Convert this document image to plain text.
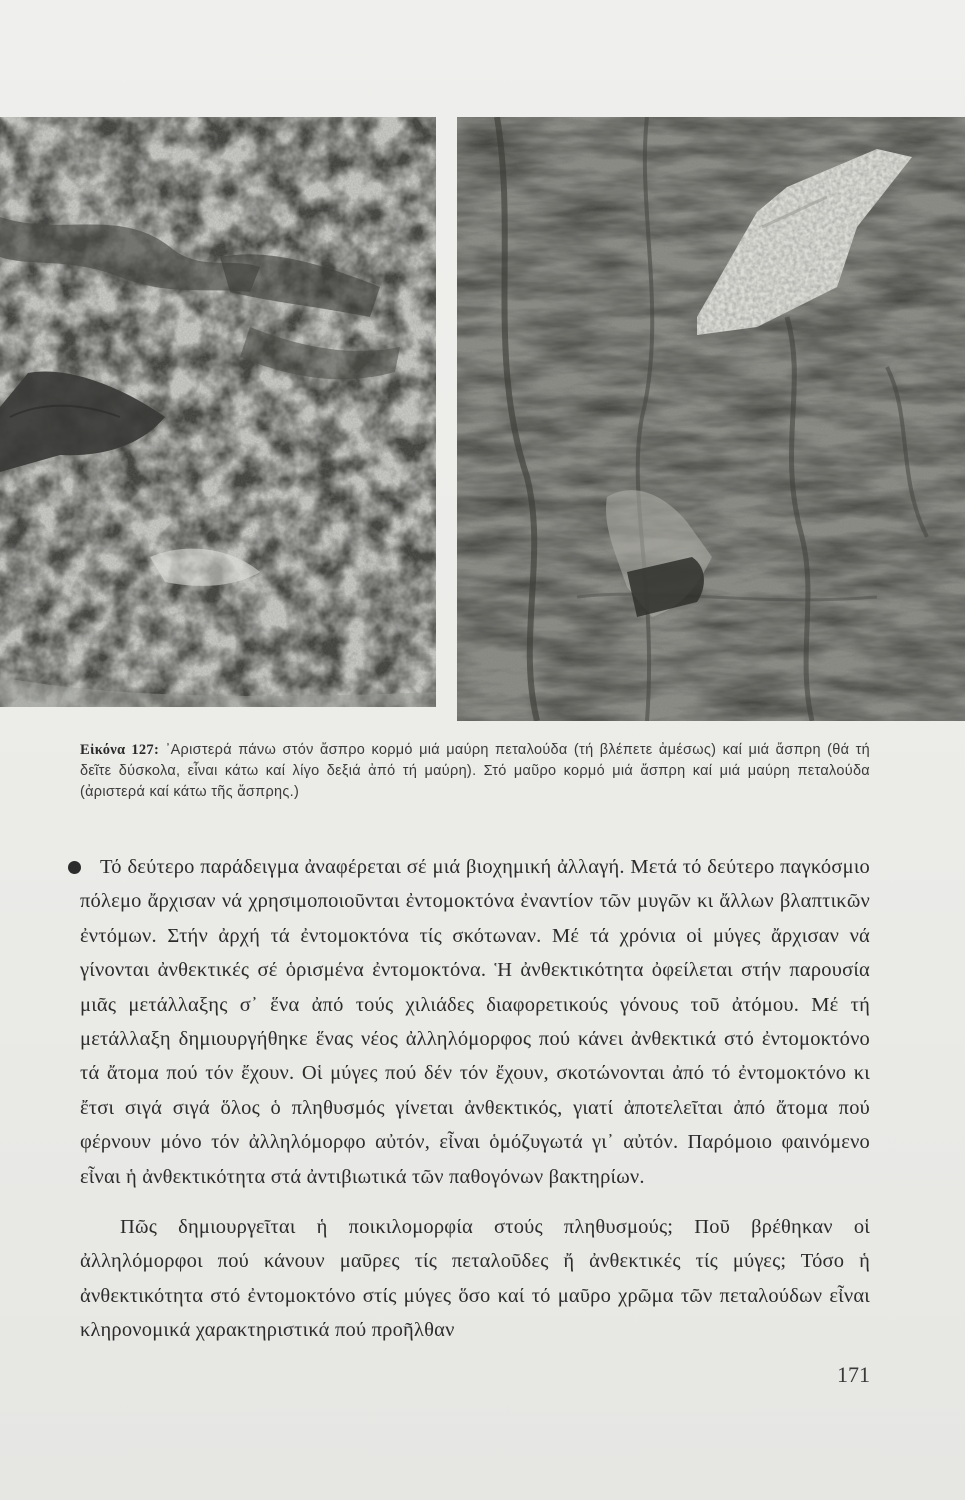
Εἰκόνα 127: ᾿Αριστερά πάνω στόν ἄσπρο κορμό μιά μαύρη πεταλούδα (τή βλέπετε ἀμέσως) καί μιά ἄσπρη (θά τή δεῖτε δύσκολα, εἶναι κάτω καί λίγο δεξιά ἀπό τή μαύρη). Στό μαῦρο κορμό μιά ἄσπρη καί μιά μαύρη πεταλούδα (ἀριστερά καί κάτω τῆς ἄσπρης.)

Τό δεύτερο παράδειγμα ἀναφέρεται σέ μιά βιοχημική ἀλλαγή. Μετά τό δεύτερο παγκόσμιο πόλεμο ἄρχισαν νά χρησιμοποιοῦνται ἐντομοκτόνα ἐναντίον τῶν μυγῶν κι ἄλλων βλαπτικῶν ἐντόμων. Στήν ἀρχή τά ἐντομοκτόνα τίς σκότωναν. Μέ τά χρόνια οἱ μύγες ἄρχισαν νά γίνονται ἀνθεκτικές σέ ὁρισμένα ἐντομοκτόνα. Ἡ ἀνθεκτικότητα ὀφείλεται στήν παρουσία μιᾶς μετάλλαξης σ᾿ ἕνα ἀπό τούς χιλιάδες διαφορετικούς γόνους τοῦ ἀτόμου. Μέ τή μετάλλαξη δημιουργήθηκε ἕνας νέος ἀλληλόμορφος πού κάνει ἀνθεκτικά στό ἐντομοκτόνο τά ἄτομα πού τόν ἔχουν. Οἱ μύγες πού δέν τόν ἔχουν, σκοτώνονται ἀπό τό ἐντομοκτόνο κι ἔτσι σιγά σιγά ὅλος ὁ πληθυσμός γίνεται ἀνθεκτικός, γιατί ἀποτελεῖται ἀπό ἄτομα πού φέρνουν μόνο τόν ἀλληλόμορφο αὐτόν, εἶναι ὁμόζυγωτά γι᾿ αὐτόν. Παρόμοιο φαινόμενο εἶναι ἡ ἀνθεκτικότητα στά ἀντιβιωτικά τῶν παθογόνων βακτηρίων.

Πῶς δημιουργεῖται ἡ ποικιλομορφία στούς πληθυσμούς; Ποῦ βρέθηκαν οἱ ἀλληλόμορφοι πού κάνουν μαῦρες τίς πεταλοῦδες ἤ ἀνθεκτικές τίς μύγες; Τόσο ἡ ἀνθεκτικότητα στό ἐντομοκτόνο στίς μύγες ὅσο καί τό μαῦρο χρῶμα τῶν πεταλούδων εἶναι κληρονομικά χαρακτηριστικά πού προῆλθαν

171
